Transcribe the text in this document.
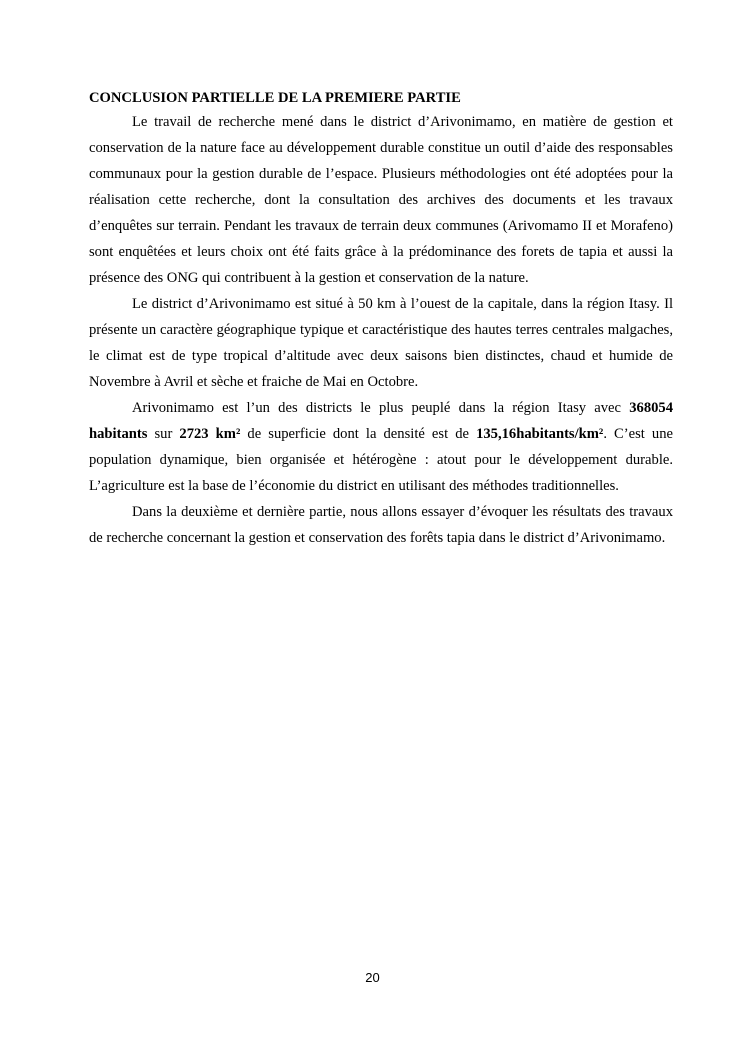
CONCLUSION PARTIELLE DE LA PREMIERE PARTIE

Le travail de recherche mené dans le district d’Arivonimamo, en matière de gestion et conservation de la nature face au développement durable constitue un outil d’aide des responsables communaux pour la gestion durable de l’espace. Plusieurs méthodologies ont été adoptées pour la réalisation cette recherche, dont la consultation des archives des documents et les travaux d’enquêtes sur terrain. Pendant les travaux de terrain deux communes (Arivomamo II et Morafeno) sont enquêtées et leurs choix ont été faits grâce à la prédominance des forets de tapia et aussi la présence des ONG qui contribuent à la gestion et conservation de la nature.

Le district d’Arivonimamo est situé à 50 km à l’ouest de la capitale, dans la région Itasy. Il présente un caractère géographique typique et caractéristique des hautes terres centrales malgaches, le climat est de type tropical d’altitude avec deux saisons bien distinctes, chaud et humide de Novembre à Avril et sèche et fraiche de Mai en Octobre.

Arivonimamo est l’un des districts le plus peuplé dans la région Itasy avec 368054 habitants sur 2723 km² de superficie dont la densité est de 135,16habitants/km². C’est une population dynamique, bien organisée et hétérogène : atout pour le développement durable. L’agriculture est la base de l’économie du district en utilisant des méthodes traditionnelles.

Dans la deuxième et dernière partie, nous allons essayer d’évoquer les résultats des travaux de recherche concernant la gestion et conservation des forêts tapia dans le district d’Arivonimamo.

20
